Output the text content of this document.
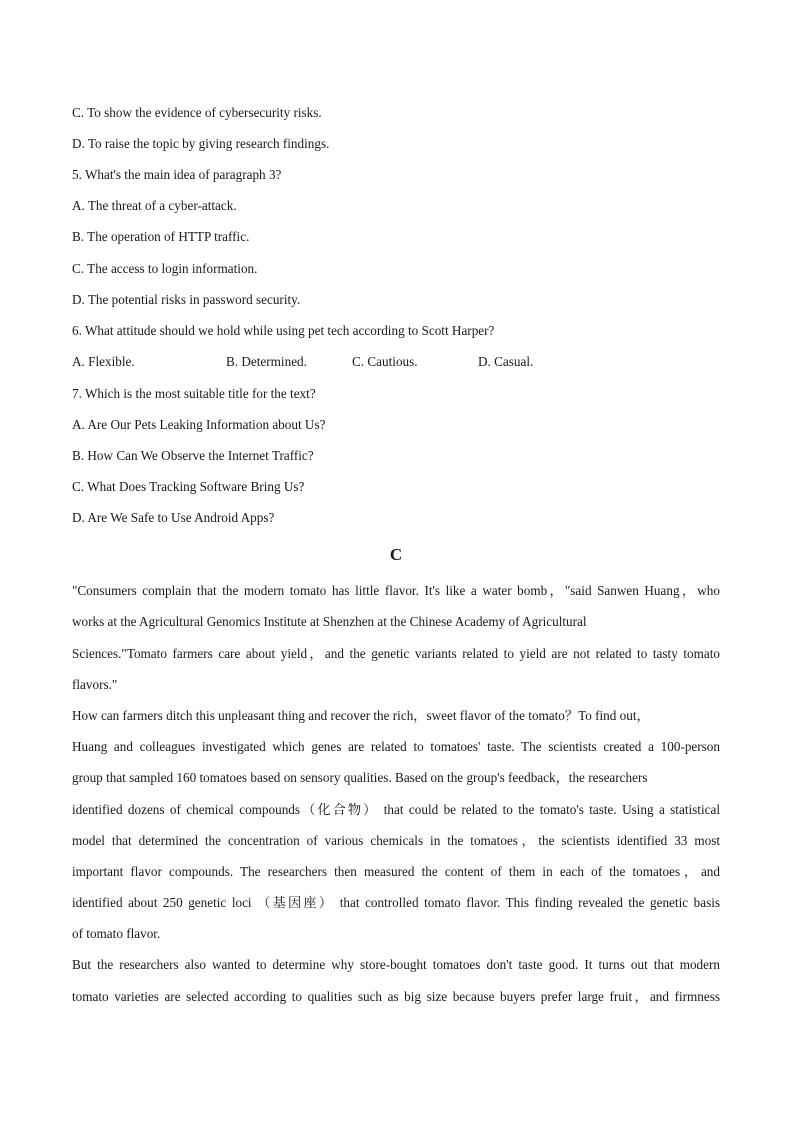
C. To show the evidence of cybersecurity risks.
D. To raise the topic by giving research findings.
5. What's the main idea of paragraph 3?
A. The threat of a cyber-attack.
B. The operation of HTTP traffic.
C. The access to login information.
D. The potential risks in password security.
6. What attitude should we hold while using pet tech according to Scott Harper?
A. Flexible.	B. Determined.	C. Cautious.	D. Casual.
7. Which is the most suitable title for the text?
A. Are Our Pets Leaking Information about Us?
B. How Can We Observe the Internet Traffic?
C. What Does Tracking Software Bring Us?
D. Are We Safe to Use Android Apps?
C
"Consumers complain that the modern tomato has little flavor. It's like a water bomb，"said Sanwen Huang，who
works at the Agricultural Genomics Institute at Shenzhen at the Chinese Academy of Agricultural
Sciences."Tomato farmers care about yield，and the genetic variants related to yield are not related to tasty tomato
flavors."
How can farmers ditch this unpleasant thing and recover the rich，sweet flavor of the tomato？To find out，
Huang and colleagues investigated which genes are related to tomatoes' taste. The scientists created a 100-person
group that sampled 160 tomatoes based on sensory qualities. Based on the group's feedback，the researchers
identified dozens of chemical compounds（化合物） that could be related to the tomato's taste. Using a statistical
model that determined the concentration of various chemicals in the tomatoes，the scientists identified 33 most
important flavor compounds. The researchers then measured the content of them in each of the tomatoes，and
identified about 250 genetic loci （基因座） that controlled tomato flavor. This finding revealed the genetic basis
of tomato flavor.
But the researchers also wanted to determine why store-bought tomatoes don't taste good. It turns out that modern
tomato varieties are selected according to qualities such as big size because buyers prefer large fruit，and firmness
